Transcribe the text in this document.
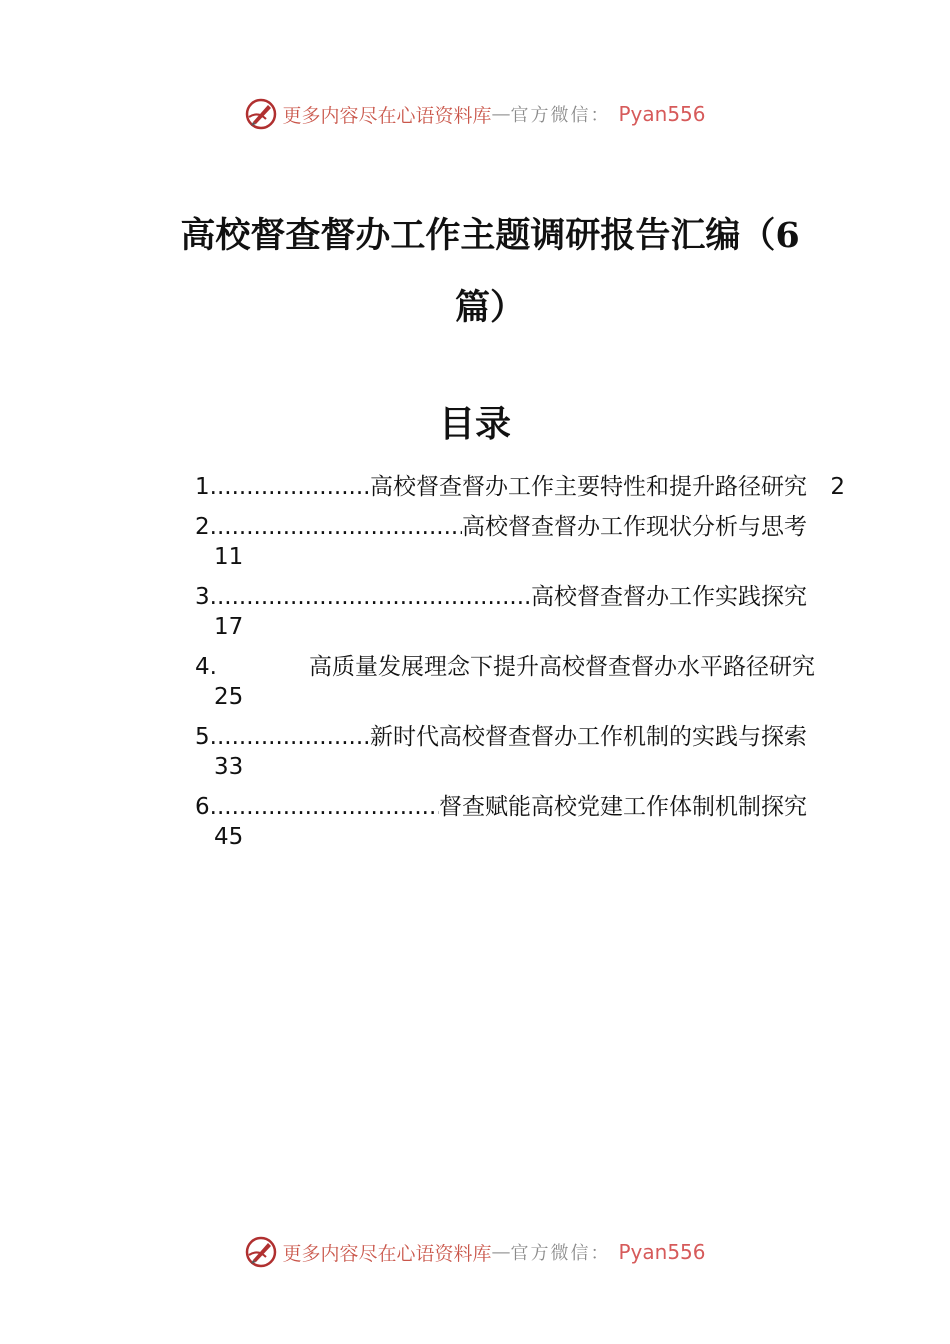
更多内容尽在心语资料库 — 官方微信： Pyan556
高校督查督办工作主题调研报告汇编（6
篇）
目录
1 .....	高校督查督办工作主要特性和提升路径研究 2
2 .....	高校督查督办工作现状分析与思考
11
3 .....	高校督查督办工作实践探究
17
4.	高质量发展理念下提升高校督查督办水平路径研究
25
5 .....	新时代高校督查督办工作机制的实践与探索
33
6 .....	督查赋能高校党建工作体制机制探究
45
更多内容尽在心语资料库 — 官方微信： Pyan556
